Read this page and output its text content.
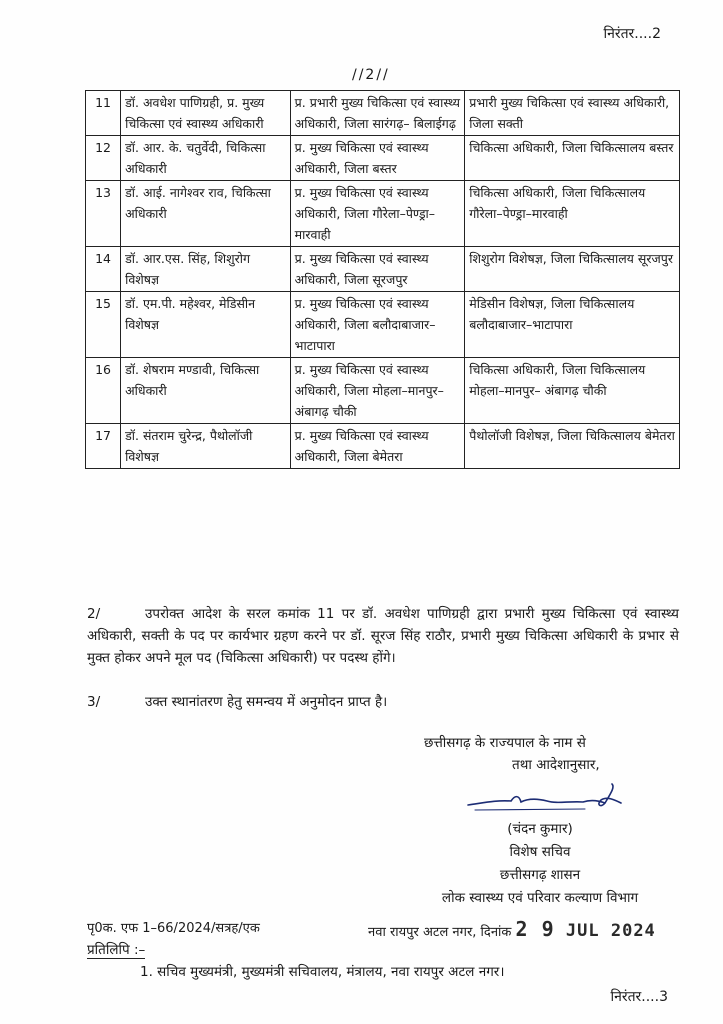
निरंतर....2
//2//
11	डॉ. अवधेश पाणिग्रही, प्र. मुख्य चिकित्सा एवं स्वास्थ्य अधिकारी	प्र. प्रभारी मुख्य चिकित्सा एवं स्वास्थ्य अधिकारी, जिला सारंगढ़– बिलाईगढ़	प्रभारी मुख्य चिकित्सा एवं स्वास्थ्य अधिकारी, जिला सक्ती
12	डॉ. आर. के. चतुर्वेदी, चिकित्सा अधिकारी	प्र. मुख्य चिकित्सा एवं स्वास्थ्य अधिकारी, जिला बस्तर	चिकित्सा अधिकारी, जिला चिकित्सालय बस्तर
13	डॉ. आई. नागेश्वर राव, चिकित्सा अधिकारी	प्र. मुख्य चिकित्सा एवं स्वास्थ्य अधिकारी, जिला गौरेला–पेण्ड्रा–मारवाही	चिकित्सा अधिकारी, जिला चिकित्सालय गौरेला–पेण्ड्रा–मारवाही
14	डॉ. आर.एस. सिंह, शिशुरोग विशेषज्ञ	प्र. मुख्य चिकित्सा एवं स्वास्थ्य अधिकारी, जिला सूरजपुर	शिशुरोग विशेषज्ञ, जिला चिकित्सालय सूरजपुर
15	डॉ. एम.पी. महेश्वर, मेडिसीन विशेषज्ञ	प्र. मुख्य चिकित्सा एवं स्वास्थ्य अधिकारी, जिला बलौदाबाजार–भाटापारा	मेडिसीन विशेषज्ञ, जिला चिकित्सालय बलौदाबाजार–भाटापारा
16	डॉ. शेषराम मण्डावी, चिकित्सा अधिकारी	प्र. मुख्य चिकित्सा एवं स्वास्थ्य अधिकारी, जिला मोहला–मानपुर– अंबागढ़ चौकी	चिकित्सा अधिकारी, जिला चिकित्सालय मोहला–मानपुर– अंबागढ़ चौकी
17	डॉ. संतराम चुरेन्द्र, पैथोलॉजी विशेषज्ञ	प्र. मुख्य चिकित्सा एवं स्वास्थ्य अधिकारी, जिला बेमेतरा	पैथोलॉजी विशेषज्ञ, जिला चिकित्सालय बेमेतरा
2/	उपरोक्त आदेश के सरल कमांक 11 पर डॉ. अवधेश पाणिग्रही द्वारा प्रभारी मुख्य चिकित्सा एवं स्वास्थ्य अधिकारी, सक्ती के पद पर कार्यभार ग्रहण करने पर डॉ. सूरज सिंह राठौर, प्रभारी मुख्य चिकित्सा अधिकारी के प्रभार से मुक्त होकर अपने मूल पद (चिकित्सा अधिकारी) पर पदस्थ होंगे।
3/	उक्त स्थानांतरण हेतु समन्वय में अनुमोदन प्राप्त है।
छत्तीसगढ़ के राज्यपाल के नाम से
तथा आदेशानुसार,
(चंदन कुमार)
विशेष सचिव
छत्तीसगढ़ शासन
लोक स्वास्थ्य एवं परिवार कल्याण विभाग
पृ0क. एफ 1–66/2024/सत्रह/एक	नवा रायपुर अटल नगर, दिनांक 2 9 JUL 2024
प्रतिलिपि :–
1. सचिव मुख्यमंत्री, मुख्यमंत्री सचिवालय, मंत्रालय, नवा रायपुर अटल नगर।
निरंतर....3
